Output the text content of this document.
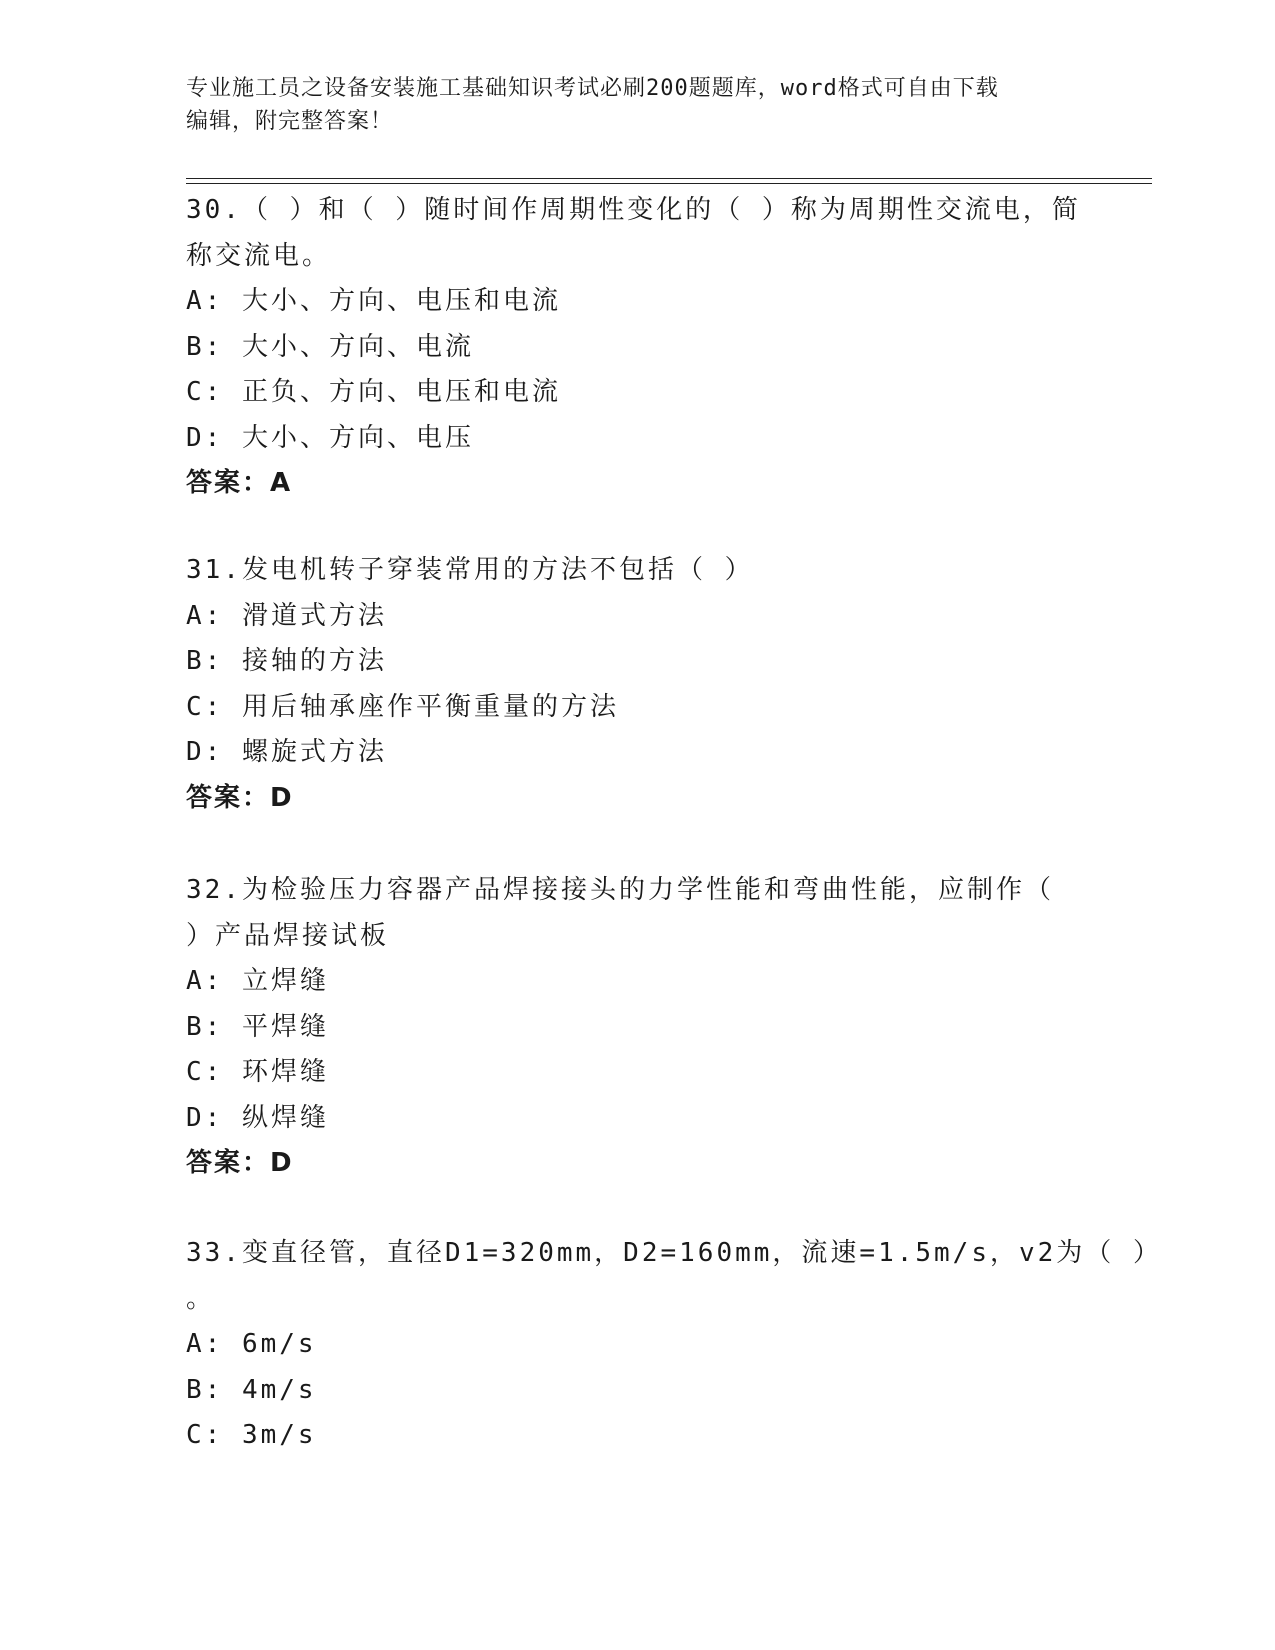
专业施工员之设备安装施工基础知识考试必刷200题题库，word格式可自由下载
编辑，附完整答案！
30.（ ）和（ ）随时间作周期性变化的（ ）称为周期性交流电，简
称交流电。
A: 大小、方向、电压和电流
B: 大小、方向、电流
C: 正负、方向、电压和电流
D: 大小、方向、电压
答案：A
31.发电机转子穿装常用的方法不包括（ ）
A: 滑道式方法
B: 接轴的方法
C: 用后轴承座作平衡重量的方法
D: 螺旋式方法
答案：D
32.为检验压力容器产品焊接接头的力学性能和弯曲性能，应制作（
）产品焊接试板
A: 立焊缝
B: 平焊缝
C: 环焊缝
D: 纵焊缝
答案：D
33.变直径管，直径D1=320mm，D2=160mm，流速=1.5m/s，v2为（ ）
。
A: 6m/s
B: 4m/s
C: 3m/s
